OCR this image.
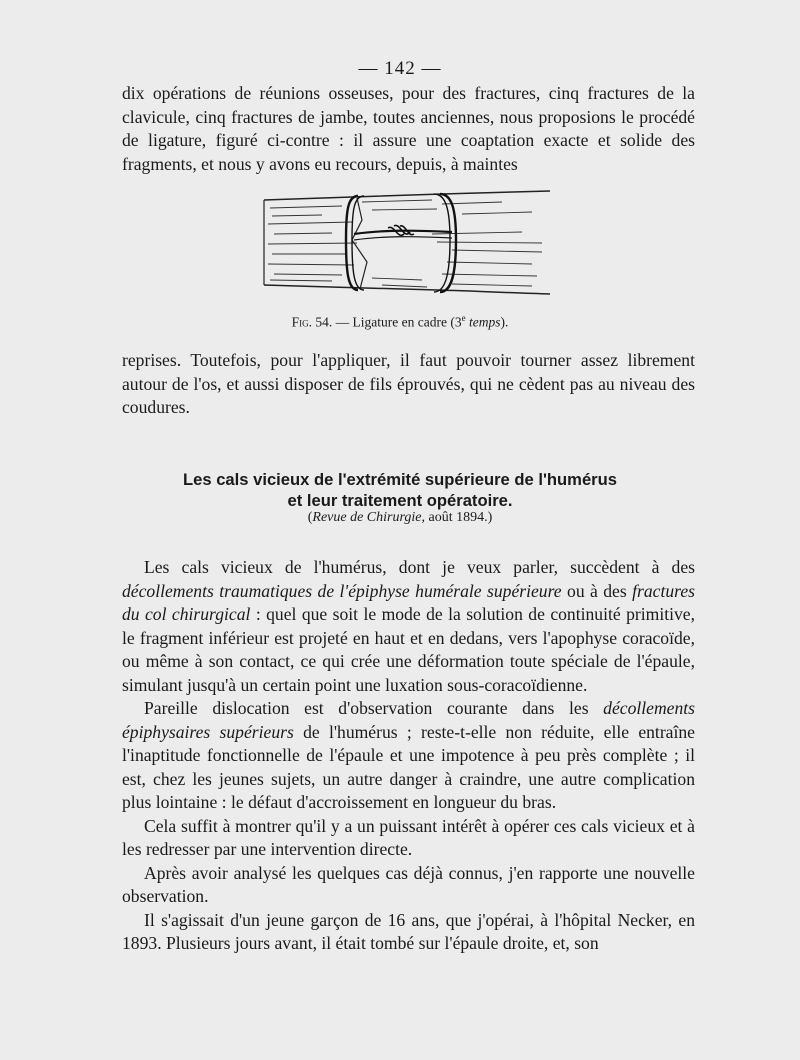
— 142 —

dix opérations de réunions osseuses, pour des fractures, cinq fractures de la clavicule, cinq fractures de jambe, toutes anciennes, nous proposions le procédé de ligature, figuré ci-contre : il assure une coaptation exacte et solide des fragments, et nous y avons eu recours, depuis, à maintes

Fig. 54. — Ligature en cadre (3e temps).

reprises. Toutefois, pour l'appliquer, il faut pouvoir tourner assez librement autour de l'os, et aussi disposer de fils éprouvés, qui ne cèdent pas au niveau des coudures.

Les cals vicieux de l'extrémité supérieure de l'humérus
et leur traitement opératoire.
(Revue de Chirurgie, août 1894.)

Les cals vicieux de l'humérus, dont je veux parler, succèdent à des décollements traumatiques de l'épiphyse humérale supérieure ou à des fractures du col chirurgical : quel que soit le mode de la solution de continuité primitive, le fragment inférieur est projeté en haut et en dedans, vers l'apophyse coracoïde, ou même à son contact, ce qui crée une déformation toute spéciale de l'épaule, simulant jusqu'à un certain point une luxation sous-coracoïdienne.

Pareille dislocation est d'observation courante dans les décollements épiphysaires supérieurs de l'humérus ; reste-t-elle non réduite, elle entraîne l'inaptitude fonctionnelle de l'épaule et une impotence à peu près complète ; il est, chez les jeunes sujets, un autre danger à craindre, une autre complication plus lointaine : le défaut d'accroissement en longueur du bras.

Cela suffit à montrer qu'il y a un puissant intérêt à opérer ces cals vicieux et à les redresser par une intervention directe.

Après avoir analysé les quelques cas déjà connus, j'en rapporte une nouvelle observation.

Il s'agissait d'un jeune garçon de 16 ans, que j'opérai, à l'hôpital Necker, en 1893. Plusieurs jours avant, il était tombé sur l'épaule droite, et, son
